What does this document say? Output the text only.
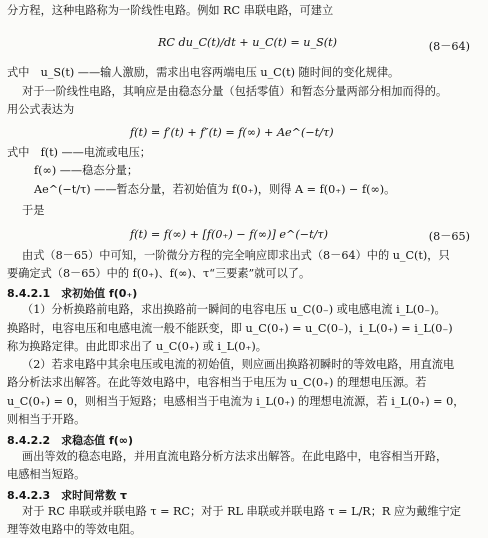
分方程，这种电路称为一阶线性电路。例如 RC 串联电路，可建立
RC du_C(t)/dt + u_C(t) = u_S(t)	(8－64)
式中　u_S(t) ——输人激励，需求出电容两端电压 u_C(t) 随时间的变化规律。
对于一阶线性电路，其响应是由稳态分量（包括零值）和暂态分量两部分相加而得的。
用公式表达为
f(t) = f′(t) + f″(t) = f(∞) + Ae^(−t/τ)
式中　f(t) ——电流或电压；
f(∞) ——稳态分量；
Ae^(−t/τ) ——暂态分量，若初始值为 f(0₊)，则得 A = f(0₊) − f(∞)。
于是
f(t) = f(∞) + [f(0₊) − f(∞)] e^(−t/τ)	(8－65)
由式（8－65）中可知，一阶微分方程的完全响应即求出式（8－64）中的 u_C(t)，只
要确定式（8－65）中的 f(0₊)、f(∞)、τ“三要素”就可以了。
8.4.2.1　求初始值 f(0₊)
（1）分析换路前电路，求出换路前一瞬间的电容电压 u_C(0₋) 或电感电流 i_L(0₋)。
换路时，电容电压和电感电流一般不能跃变，即 u_C(0₊) = u_C(0₋)，i_L(0₊) = i_L(0₋)
称为换路定律。由此即求出了 u_C(0₊) 或 i_L(0₊)。
（2）若求电路中其余电压或电流的初始值，则应画出换路初瞬时的等效电路，用直流电
路分析法求出解答。在此等效电路中，电容相当于电压为 u_C(0₊) 的理想电压源。若
u_C(0₊) = 0，则相当于短路；电感相当于电流为 i_L(0₊) 的理想电流源，若 i_L(0₊) = 0，
则相当于开路。
8.4.2.2　求稳态值 f(∞)
画出等效的稳态电路，并用直流电路分析方法求出解答。在此电路中，电容相当开路，
电感相当短路。
8.4.2.3　求时间常数 τ
对于 RC 串联或并联电路 τ = RC；对于 RL 串联或并联电路 τ = L/R；R 应为戴维宁定
理等效电路中的等效电阻。
